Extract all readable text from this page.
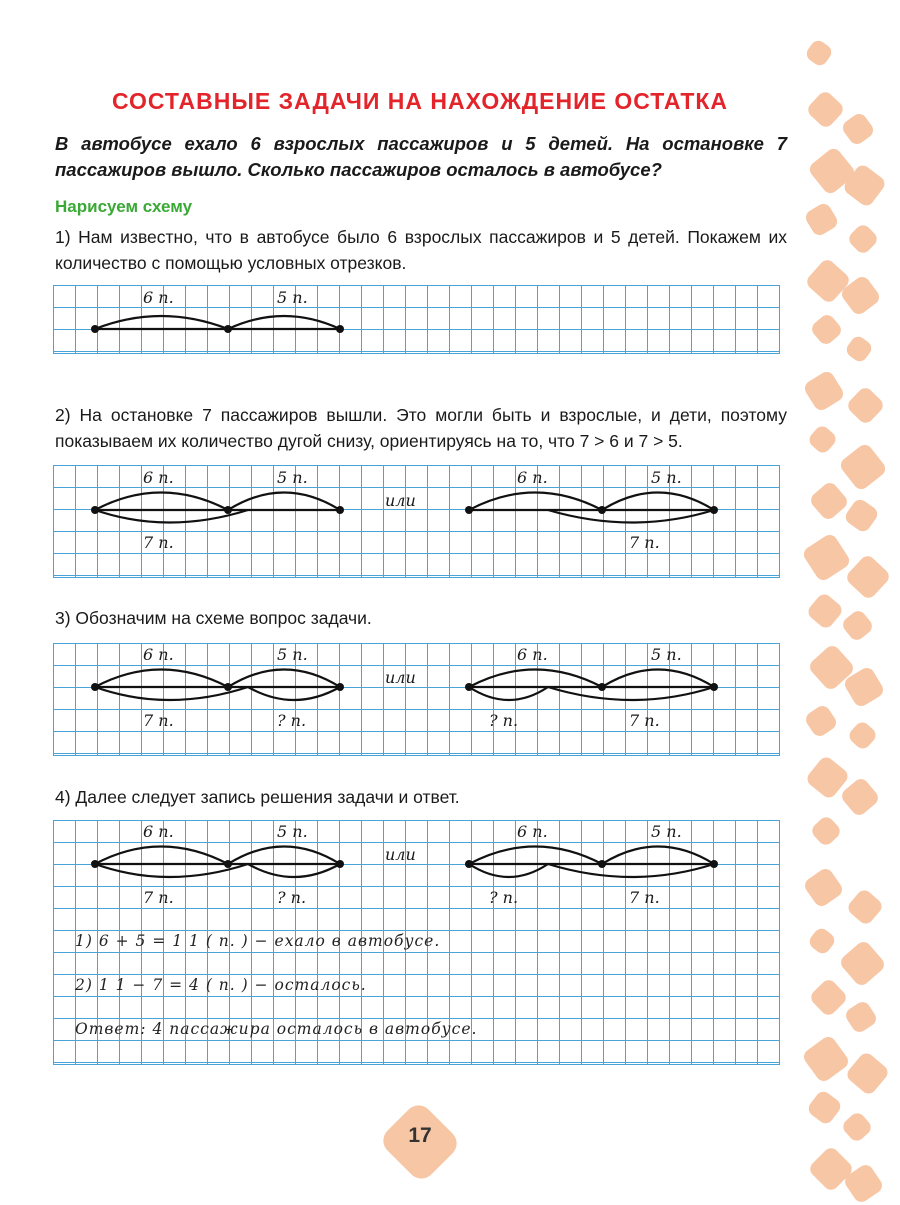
СОСТАВНЫЕ ЗАДАЧИ НА НАХОЖДЕНИЕ ОСТАТКА
В автобусе ехало 6 взрослых пассажиров и 5 детей. На остановке 7 пассажиров вышло. Сколько пассажиров осталось в автобусе?
Нарисуем схему
1) Нам известно, что в автобусе было 6 взрослых пассажиров и 5 детей. Покажем их количество с помощью условных отрезков.
2) На остановке 7 пассажиров вышли. Это могли быть и взрослые, и дети, поэтому показываем их количество дугой снизу, ориентируясь на то, что 7 > 6 и 7 > 5.
3) Обозначим на схеме вопрос задачи.
4) Далее следует запись решения задачи и ответ.
6 п.	5 п.
6 п.	5 п.
7 п.
или
6 п.	5 п.
7 п.
6 п.	5 п.
7 п.	? п.
или
6 п.	5 п.
? п.	7 п.
6 п.	5 п.
7 п.	? п.
или
6 п.	5 п.
? п.	7 п.
1) 6 + 5 = 1 1 ( п. ) − ехало в автобусе.
2) 1 1 − 7 = 4 ( п. ) − осталось.
Ответ: 4 пассажира осталось в автобусе.
17
